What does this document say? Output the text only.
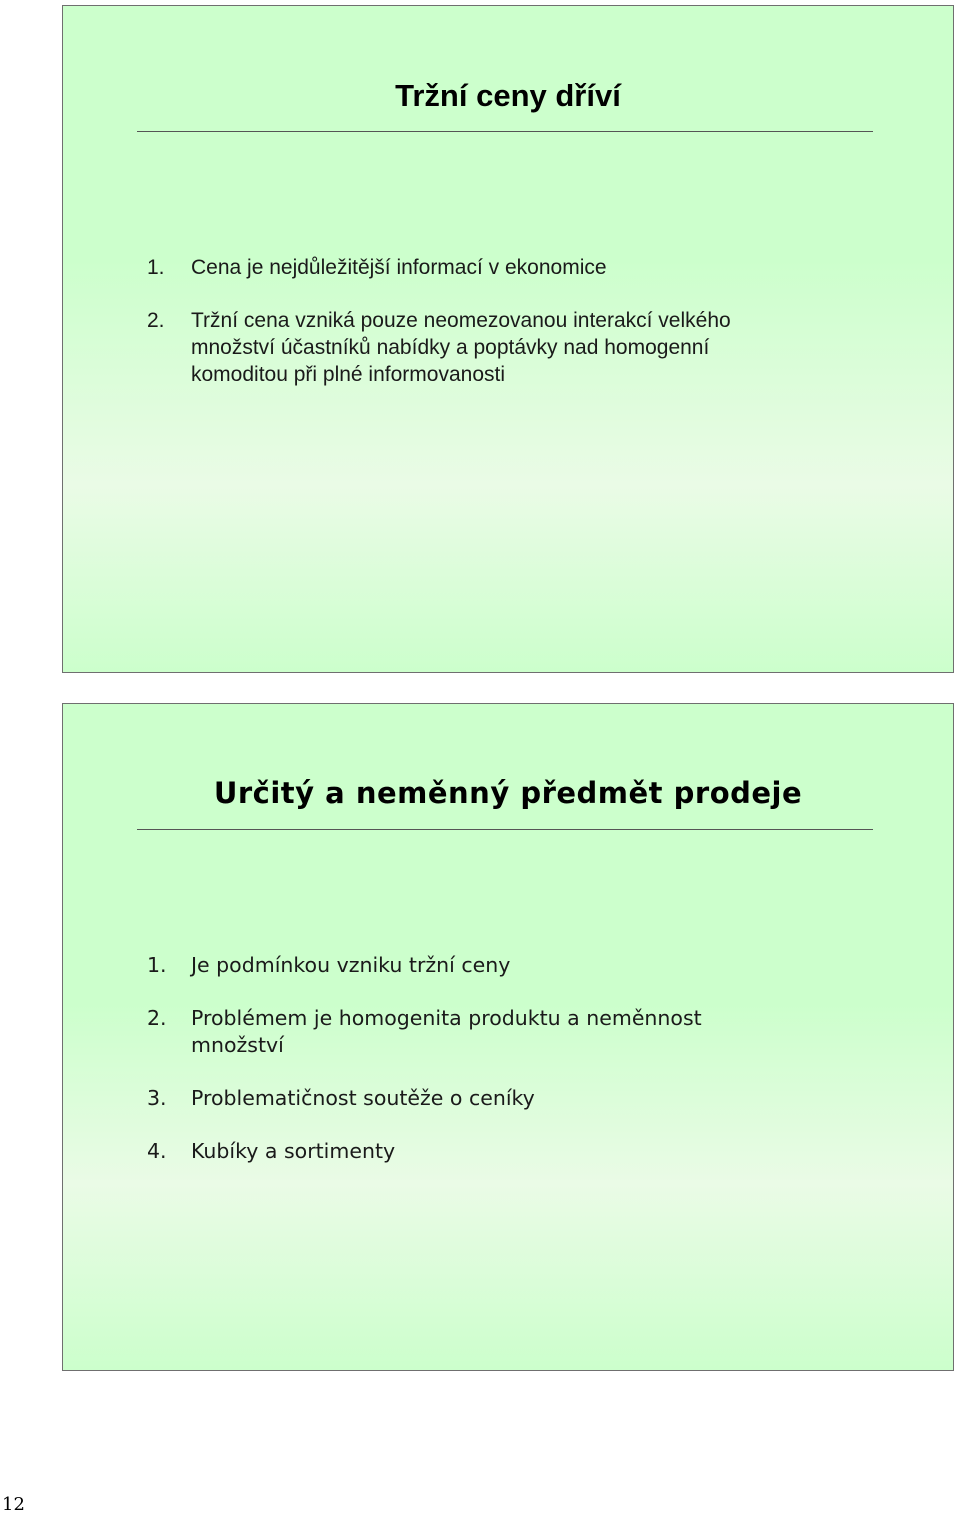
Tržní ceny dříví
1.	Cena je nejdůležitější informací v ekonomice
2.	Tržní cena vzniká pouze neomezovanou interakcí velkého
množství účastníků nabídky a poptávky nad homogenní
komoditou při plné informovanosti
Určitý a neměnný předmět prodeje
1.	Je podmínkou vzniku tržní ceny
2.	Problémem je homogenita produktu a neměnnost
množství
3.	Problematičnost soutěže o ceníky
4.	Kubíky a sortimenty
12
